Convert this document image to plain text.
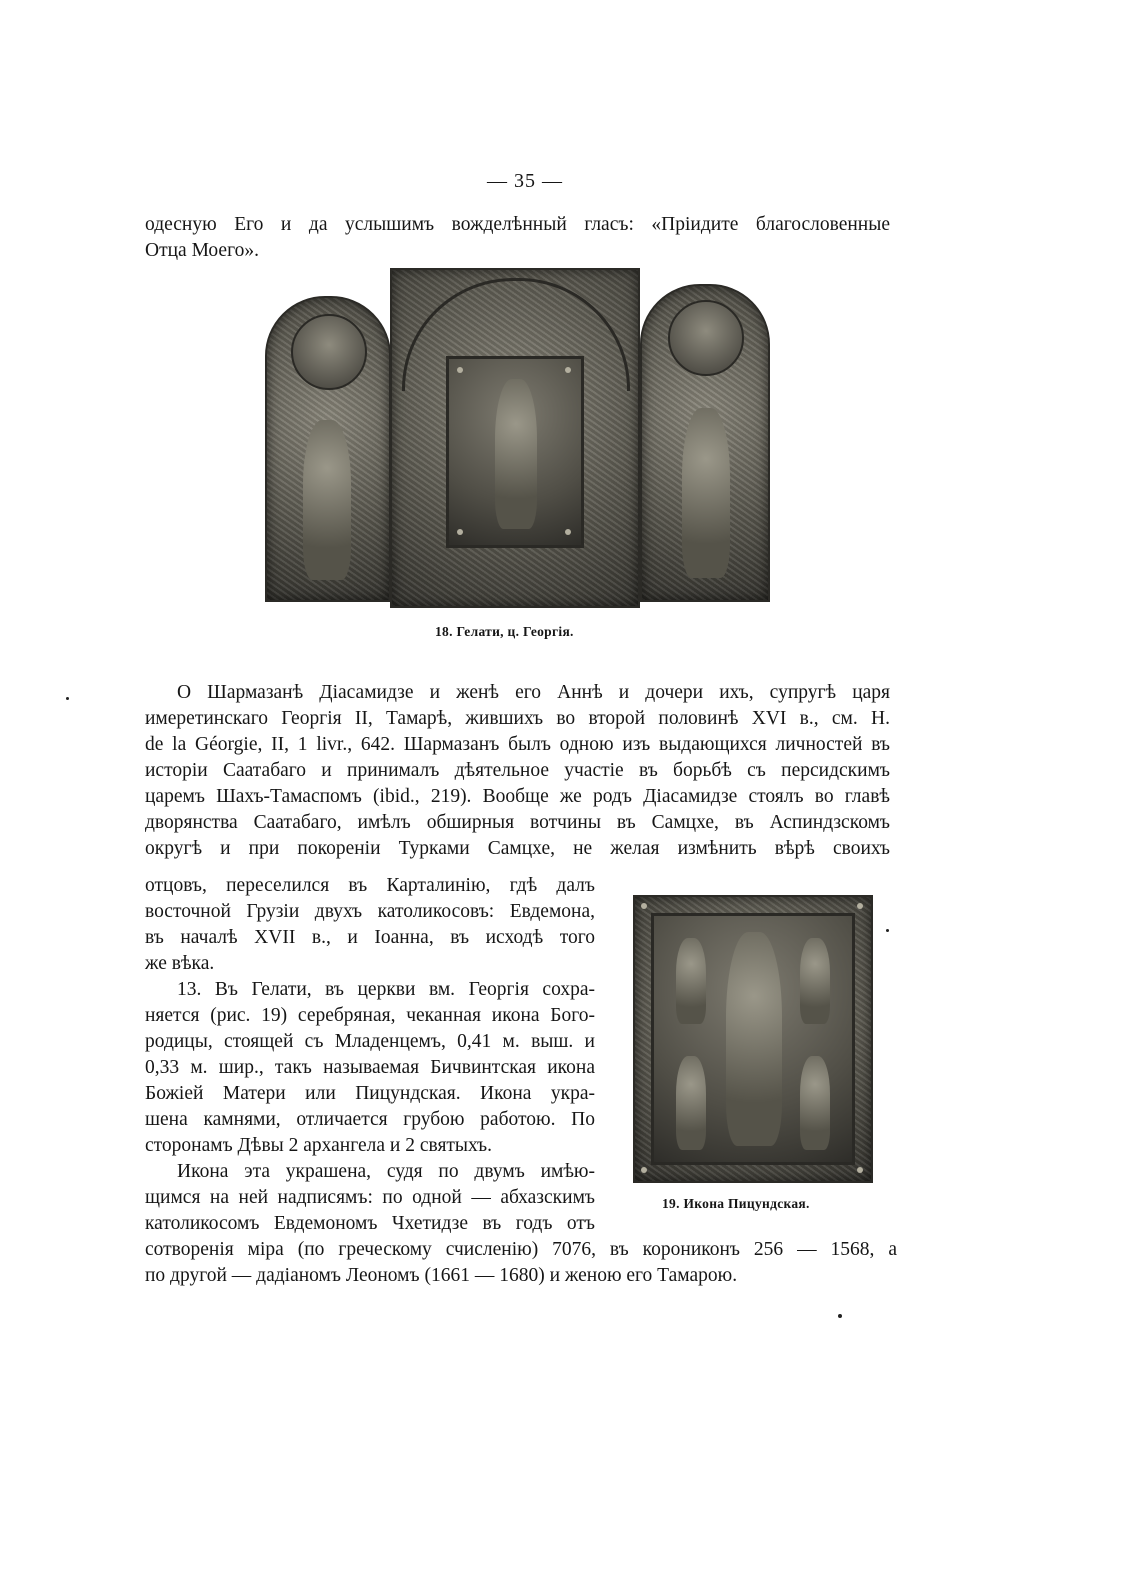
— 35 —
одесную Его и да услышимъ вожделѣнный гласъ: «Пріидите благословенные
Отца Моего».
18. Гелати, ц. Георгія.
О Шармазанѣ Діасамидзе и женѣ его Аннѣ и дочери ихъ, супругѣ царя
имеретинскаго Георгія II, Тамарѣ, жившихъ во второй половинѣ XVI в., см. H.
de la Géorgie, II, 1 livr., 642. Шармазанъ былъ одною изъ выдающихся личностей въ
исторіи Саатабаго и принималъ дѣятельное участіе въ борьбѣ съ персидскимъ
царемъ Шахъ-Тамаспомъ (ibid., 219). Вообще же родъ Діасамидзе стоялъ во главѣ
дворянства Саатабаго, имѣлъ обширныя вотчины въ Самцхе, въ Аспиндзскомъ
округѣ и при покореніи Турками Самцхе, не желая измѣнить вѣрѣ своихъ
отцовъ, переселился въ Карталинію, гдѣ далъ
восточной Грузіи двухъ католикосовъ: Евдемона,
въ началѣ XVII в., и Іоанна, въ исходѣ того
же вѣка.
13. Въ Гелати, въ церкви вм. Георгія сохра-
няется (рис. 19) серебряная, чеканная икона Бого-
родицы, стоящей съ Младенцемъ, 0,41 м. выш. и
0,33 м. шир., такъ называемая Бичвинтская икона
Божіей Матери или Пицундская. Икона укра-
шена камнями, отличается грубою работою. По
сторонамъ Дѣвы 2 архангела и 2 святыхъ.
Икона эта украшена, судя по двумъ имѣю-
щимся на ней надписямъ: по одной — абхазскимъ
католикосомъ Евдемономъ Чхетидзе въ годъ отъ
сотворенія міра (по греческому счисленію) 7076, въ корониконъ 256 — 1568, а
по другой — дадіаномъ Леономъ (1661 — 1680) и женою его Тамарою.
19. Икона Пицундская.
